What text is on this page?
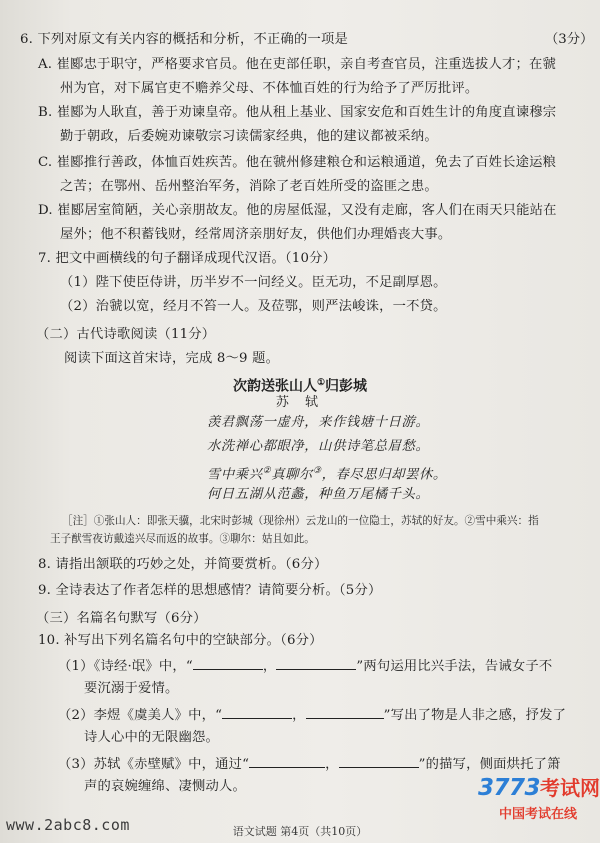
6. 下列对原文有关内容的概括和分析，不正确的一项是	（3分）
A. 崔郾忠于职守，严格要求官员。他在吏部任职，亲自考查官员，注重选拔人才；在虢
州为官，对下属官吏不赡养父母、不体恤百姓的行为给予了严厉批评。
B. 崔郾为人耿直，善于劝谏皇帝。他从租上基业、国家安危和百姓生计的角度直谏穆宗
勤于朝政，后委婉劝谏敬宗习读儒家经典，他的建议都被采纳。
C. 崔郾推行善政，体恤百姓疾苦。他在虢州修建粮仓和运粮通道，免去了百姓长途运粮
之苦；在鄂州、岳州整治军务，消除了老百姓所受的盗匪之患。
D. 崔郾居室简陋，关心亲朋故友。他的房屋低湿，又没有走廊，客人们在雨天只能站在
屋外；他不积蓄钱财，经常周济亲朋好友，供他们办理婚丧大事。
7. 把文中画横线的句子翻译成现代汉语。（10分）
（1）陛下使臣侍讲，历半岁不一问经义。臣无功，不足副厚恩。
（2）治虢以宽，经月不笞一人。及莅鄂，则严法峻诛，一不贷。
（二）古代诗歌阅读（11分）
阅读下面这首宋诗，完成 8～9 题。
次韵送张山人①归彭城
苏 轼
羡君飘荡一虚舟，来作钱塘十日游。
水洗禅心都眼净，山供诗笔总眉愁。
雪中乘兴②真聊尔③，春尽思归却罢休。
何日五湖从范蠡，种鱼万尾橘千头。
［注］①张山人：即张天骥，北宋时彭城（现徐州）云龙山的一位隐士，苏轼的好友。②雪中乘兴：指
王子猷雪夜访戴逵兴尽而返的故事。③聊尔：姑且如此。
8. 请指出颔联的巧妙之处，并简要赏析。（6分）
9. 全诗表达了作者怎样的思想感情？请简要分析。（5分）
（三）名篇名句默写（6分）
10. 补写出下列名篇名句中的空缺部分。（6分）
（1）《诗经·氓》中，“	，	”两句运用比兴手法，告诫女子不
要沉溺于爱情。
（2）李煜《虞美人》中，“	，	”写出了物是人非之感，抒发了
诗人心中的无限幽怨。
（3）苏轼《赤壁赋》中，通过“	，	”的描写，侧面烘托了箫
声的哀婉缠绵、凄恻动人。
www.2abc8.com	语文试题 第4页（共10页）
3773考试网
中国考试在线
